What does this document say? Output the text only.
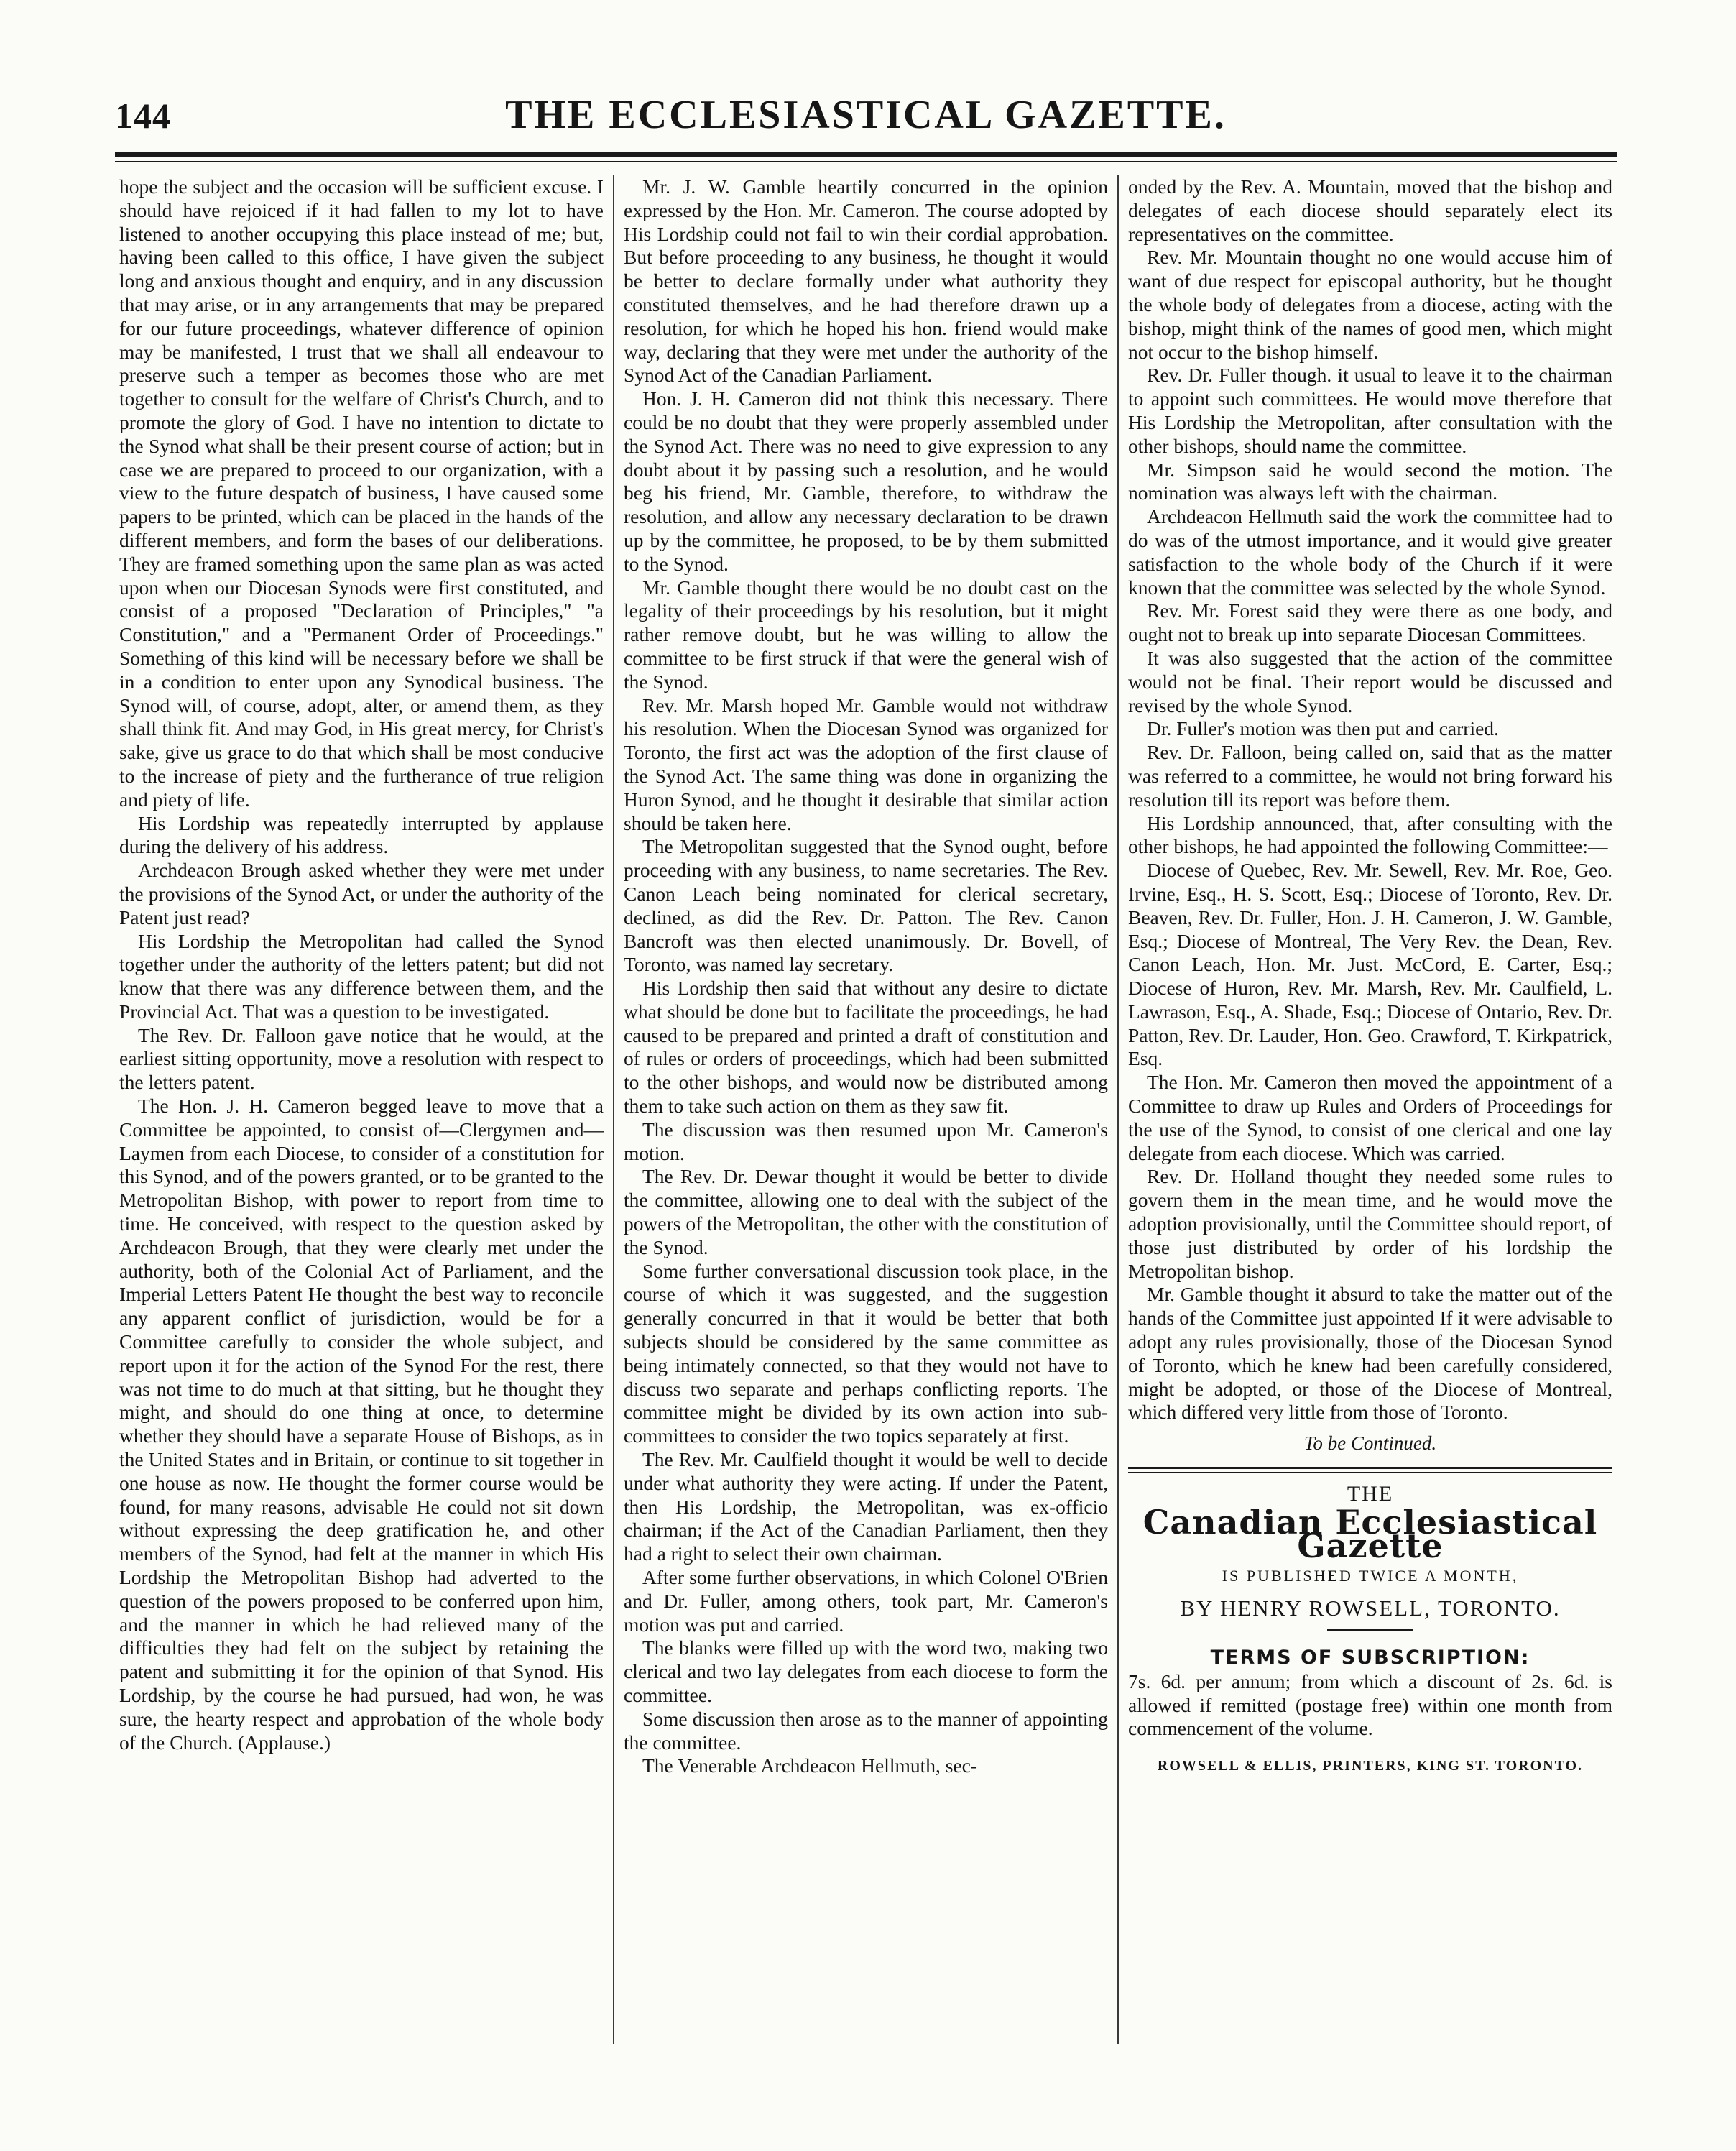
144	THE ECCLESIASTICAL GAZETTE.

hope the subject and the occasion will be sufficient excuse. I should have rejoiced if it had fallen to my lot to have listened to another occupying this place instead of me; but, having been called to this office, I have given the subject long and anxious thought and enquiry, and in any discussion that may arise, or in any arrangements that may be prepared for our future proceedings, whatever difference of opinion may be manifested, I trust that we shall all endeavour to preserve such a temper as becomes those who are met together to consult for the welfare of Christ's Church, and to promote the glory of God. I have no intention to dictate to the Synod what shall be their present course of action; but in case we are prepared to proceed to our organization, with a view to the future despatch of business, I have caused some papers to be printed, which can be placed in the hands of the different members, and form the bases of our deliberations. They are framed something upon the same plan as was acted upon when our Diocesan Synods were first constituted, and consist of a proposed "Declaration of Principles," "a Constitution," and a "Permanent Order of Proceedings." Something of this kind will be necessary before we shall be in a condition to enter upon any Synodical business. The Synod will, of course, adopt, alter, or amend them, as they shall think fit. And may God, in His great mercy, for Christ's sake, give us grace to do that which shall be most conducive to the increase of piety and the furtherance of true religion and piety of life.

His Lordship was repeatedly interrupted by applause during the delivery of his address.

Archdeacon Brough asked whether they were met under the provisions of the Synod Act, or under the authority of the Patent just read?

His Lordship the Metropolitan had called the Synod together under the authority of the letters patent; but did not know that there was any difference between them, and the Provincial Act. That was a question to be investigated.

The Rev. Dr. Falloon gave notice that he would, at the earliest sitting opportunity, move a resolution with respect to the letters patent.

The Hon. J. H. Cameron begged leave to move that a Committee be appointed, to consist of—Clergymen and—Laymen from each Diocese, to consider of a constitution for this Synod, and of the powers granted, or to be granted to the Metropolitan Bishop, with power to report from time to time. He conceived, with respect to the question asked by Archdeacon Brough, that they were clearly met under the authority, both of the Colonial Act of Parliament, and the Imperial Letters Patent He thought the best way to reconcile any apparent conflict of jurisdiction, would be for a Committee carefully to consider the whole subject, and report upon it for the action of the Synod For the rest, there was not time to do much at that sitting, but he thought they might, and should do one thing at once, to determine whether they should have a separate House of Bishops, as in the United States and in Britain, or continue to sit together in one house as now. He thought the former course would be found, for many reasons, advisable He could not sit down without expressing the deep gratification he, and other members of the Synod, had felt at the manner in which His Lordship the Metropolitan Bishop had adverted to the question of the powers proposed to be conferred upon him, and the manner in which he had relieved many of the difficulties they had felt on the subject by retaining the patent and submitting it for the opinion of that Synod. His Lordship, by the course he had pursued, had won, he was sure, the hearty respect and approbation of the whole body of the Church. (Applause.)

Mr. J. W. Gamble heartily concurred in the opinion expressed by the Hon. Mr. Cameron. The course adopted by His Lordship could not fail to win their cordial approbation. But before proceeding to any business, he thought it would be better to declare formally under what authority they constituted themselves, and he had therefore drawn up a resolution, for which he hoped his hon. friend would make way, declaring that they were met under the authority of the Synod Act of the Canadian Parliament.

Hon. J. H. Cameron did not think this necessary. There could be no doubt that they were properly assembled under the Synod Act. There was no need to give expression to any doubt about it by passing such a resolution, and he would beg his friend, Mr. Gamble, therefore, to withdraw the resolution, and allow any necessary declaration to be drawn up by the committee, he proposed, to be by them submitted to the Synod.

Mr. Gamble thought there would be no doubt cast on the legality of their proceedings by his resolution, but it might rather remove doubt, but he was willing to allow the committee to be first struck if that were the general wish of the Synod.

Rev. Mr. Marsh hoped Mr. Gamble would not withdraw his resolution. When the Diocesan Synod was organized for Toronto, the first act was the adoption of the first clause of the Synod Act. The same thing was done in organizing the Huron Synod, and he thought it desirable that similar action should be taken here.

The Metropolitan suggested that the Synod ought, before proceeding with any business, to name secretaries. The Rev. Canon Leach being nominated for clerical secretary, declined, as did the Rev. Dr. Patton. The Rev. Canon Bancroft was then elected unanimously. Dr. Bovell, of Toronto, was named lay secretary.

His Lordship then said that without any desire to dictate what should be done but to facilitate the proceedings, he had caused to be prepared and printed a draft of constitution and of rules or orders of proceedings, which had been submitted to the other bishops, and would now be distributed among them to take such action on them as they saw fit.

The discussion was then resumed upon Mr. Cameron's motion.

The Rev. Dr. Dewar thought it would be better to divide the committee, allowing one to deal with the subject of the powers of the Metropolitan, the other with the constitution of the Synod.

Some further conversational discussion took place, in the course of which it was suggested, and the suggestion generally concurred in that it would be better that both subjects should be considered by the same committee as being intimately connected, so that they would not have to discuss two separate and perhaps conflicting reports. The committee might be divided by its own action into sub-committees to consider the two topics separately at first.

The Rev. Mr. Caulfield thought it would be well to decide under what authority they were acting. If under the Patent, then His Lordship, the Metropolitan, was ex-officio chairman; if the Act of the Canadian Parliament, then they had a right to select their own chairman.

After some further observations, in which Colonel O'Brien and Dr. Fuller, among others, took part, Mr. Cameron's motion was put and carried.

The blanks were filled up with the word two, making two clerical and two lay delegates from each diocese to form the committee.

Some discussion then arose as to the manner of appointing the committee.

The Venerable Archdeacon Hellmuth, sec-

onded by the Rev. A. Mountain, moved that the bishop and delegates of each diocese should separately elect its representatives on the committee.

Rev. Mr. Mountain thought no one would accuse him of want of due respect for episcopal authority, but he thought the whole body of delegates from a diocese, acting with the bishop, might think of the names of good men, which might not occur to the bishop himself.

Rev. Dr. Fuller though. it usual to leave it to the chairman to appoint such committees. He would move therefore that His Lordship the Metropolitan, after consultation with the other bishops, should name the committee.

Mr. Simpson said he would second the motion. The nomination was always left with the chairman.

Archdeacon Hellmuth said the work the committee had to do was of the utmost importance, and it would give greater satisfaction to the whole body of the Church if it were known that the committee was selected by the whole Synod.

Rev. Mr. Forest said they were there as one body, and ought not to break up into separate Diocesan Committees.

It was also suggested that the action of the committee would not be final. Their report would be discussed and revised by the whole Synod.

Dr. Fuller's motion was then put and carried.

Rev. Dr. Falloon, being called on, said that as the matter was referred to a committee, he would not bring forward his resolution till its report was before them.

His Lordship announced, that, after consulting with the other bishops, he had appointed the following Committee:—

Diocese of Quebec, Rev. Mr. Sewell, Rev. Mr. Roe, Geo. Irvine, Esq., H. S. Scott, Esq.; Diocese of Toronto, Rev. Dr. Beaven, Rev. Dr. Fuller, Hon. J. H. Cameron, J. W. Gamble, Esq.; Diocese of Montreal, The Very Rev. the Dean, Rev. Canon Leach, Hon. Mr. Just. McCord, E. Carter, Esq.; Diocese of Huron, Rev. Mr. Marsh, Rev. Mr. Caulfield, L. Lawrason, Esq., A. Shade, Esq.; Diocese of Ontario, Rev. Dr. Patton, Rev. Dr. Lauder, Hon. Geo. Crawford, T. Kirkpatrick, Esq.

The Hon. Mr. Cameron then moved the appointment of a Committee to draw up Rules and Orders of Proceedings for the use of the Synod, to consist of one clerical and one lay delegate from each diocese. Which was carried.

Rev. Dr. Holland thought they needed some rules to govern them in the mean time, and he would move the adoption provisionally, until the Committee should report, of those just distributed by order of his lordship the Metropolitan bishop.

Mr. Gamble thought it absurd to take the matter out of the hands of the Committee just appointed If it were advisable to adopt any rules provisionally, those of the Diocesan Synod of Toronto, which he knew had been carefully considered, might be adopted, or those of the Diocese of Montreal, which differed very little from those of Toronto.

To be Continued.
THE
Canadian Ecclesiastical Gazette
IS PUBLISHED TWICE A MONTH,
BY HENRY ROWSELL, TORONTO.
TERMS OF SUBSCRIPTION:

7s. 6d. per annum; from which a discount of 2s. 6d. is allowed if remitted (postage free) within one month from commencement of the volume.

ROWSELL & ELLIS, PRINTERS, KING ST. TORONTO.
